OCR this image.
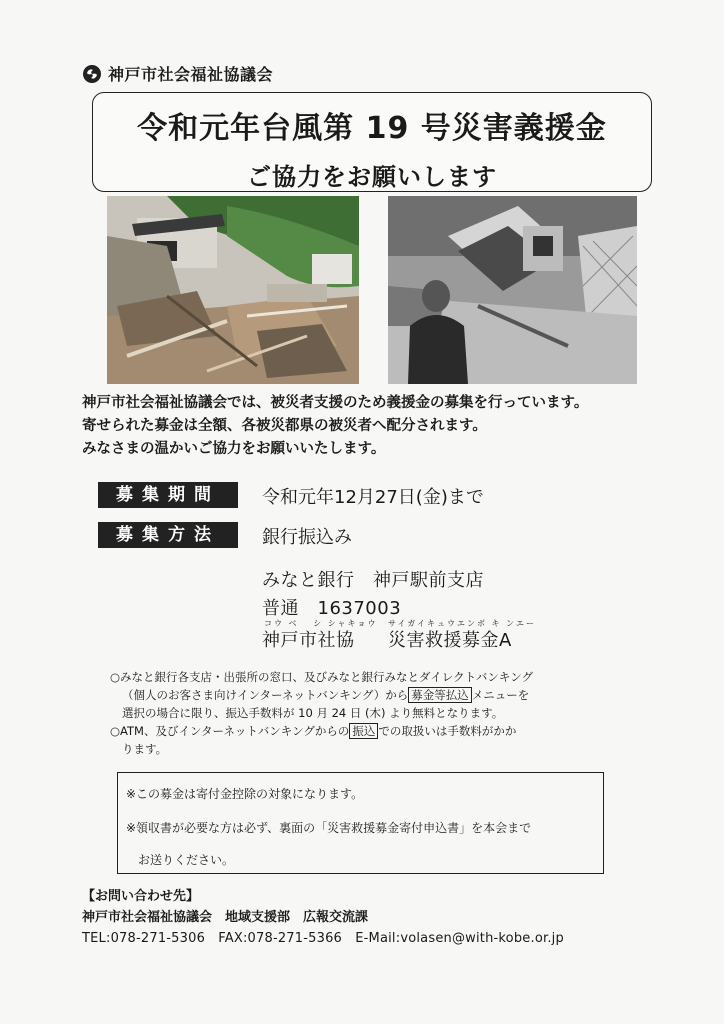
神戸市社会福祉協議会
令和元年台風第 19 号災害義援金
ご協力をお願いします

神戸市社会福祉協議会では、被災者支援のため義援金の募集を行っています。

寄せられた募金は全額、各被災都県の被災者へ配分されます。

みなさまの温かいご協力をお願いいたします。

募集期間	令和元年12月27日(金)まで
募集方法	銀行振込み
みなと銀行　神戸駅前支店
普通　1637003
コウ ベ　 シ シャキョウ サイガイキュウエンボ キ ンエー
神戸市社協 災害救援募金A

○みなと銀行各支店・出張所の窓口、及びみなと銀行みなとダイレクトバンキング

（個人のお客さま向けインターネットバンキング）から 募金等払込 メニューを

選択の場合に限り、振込手数料が 10 月 24 日 (木) より無料となります。

○ATM、及びインターネットバンキングからの 振込 での取扱いは手数料がかか

ります。

※この募金は寄付金控除の対象になります。

※領収書が必要な方は必ず、裏面の「災害救援募金寄付申込書」を本会まで

お送りください。

【お問い合わせ先】

神戸市社会福祉協議会　地域支援部　広報交流課

TEL:078-271-5306　FAX:078-271-5366　E-Mail:volasen@with-kobe.or.jp
